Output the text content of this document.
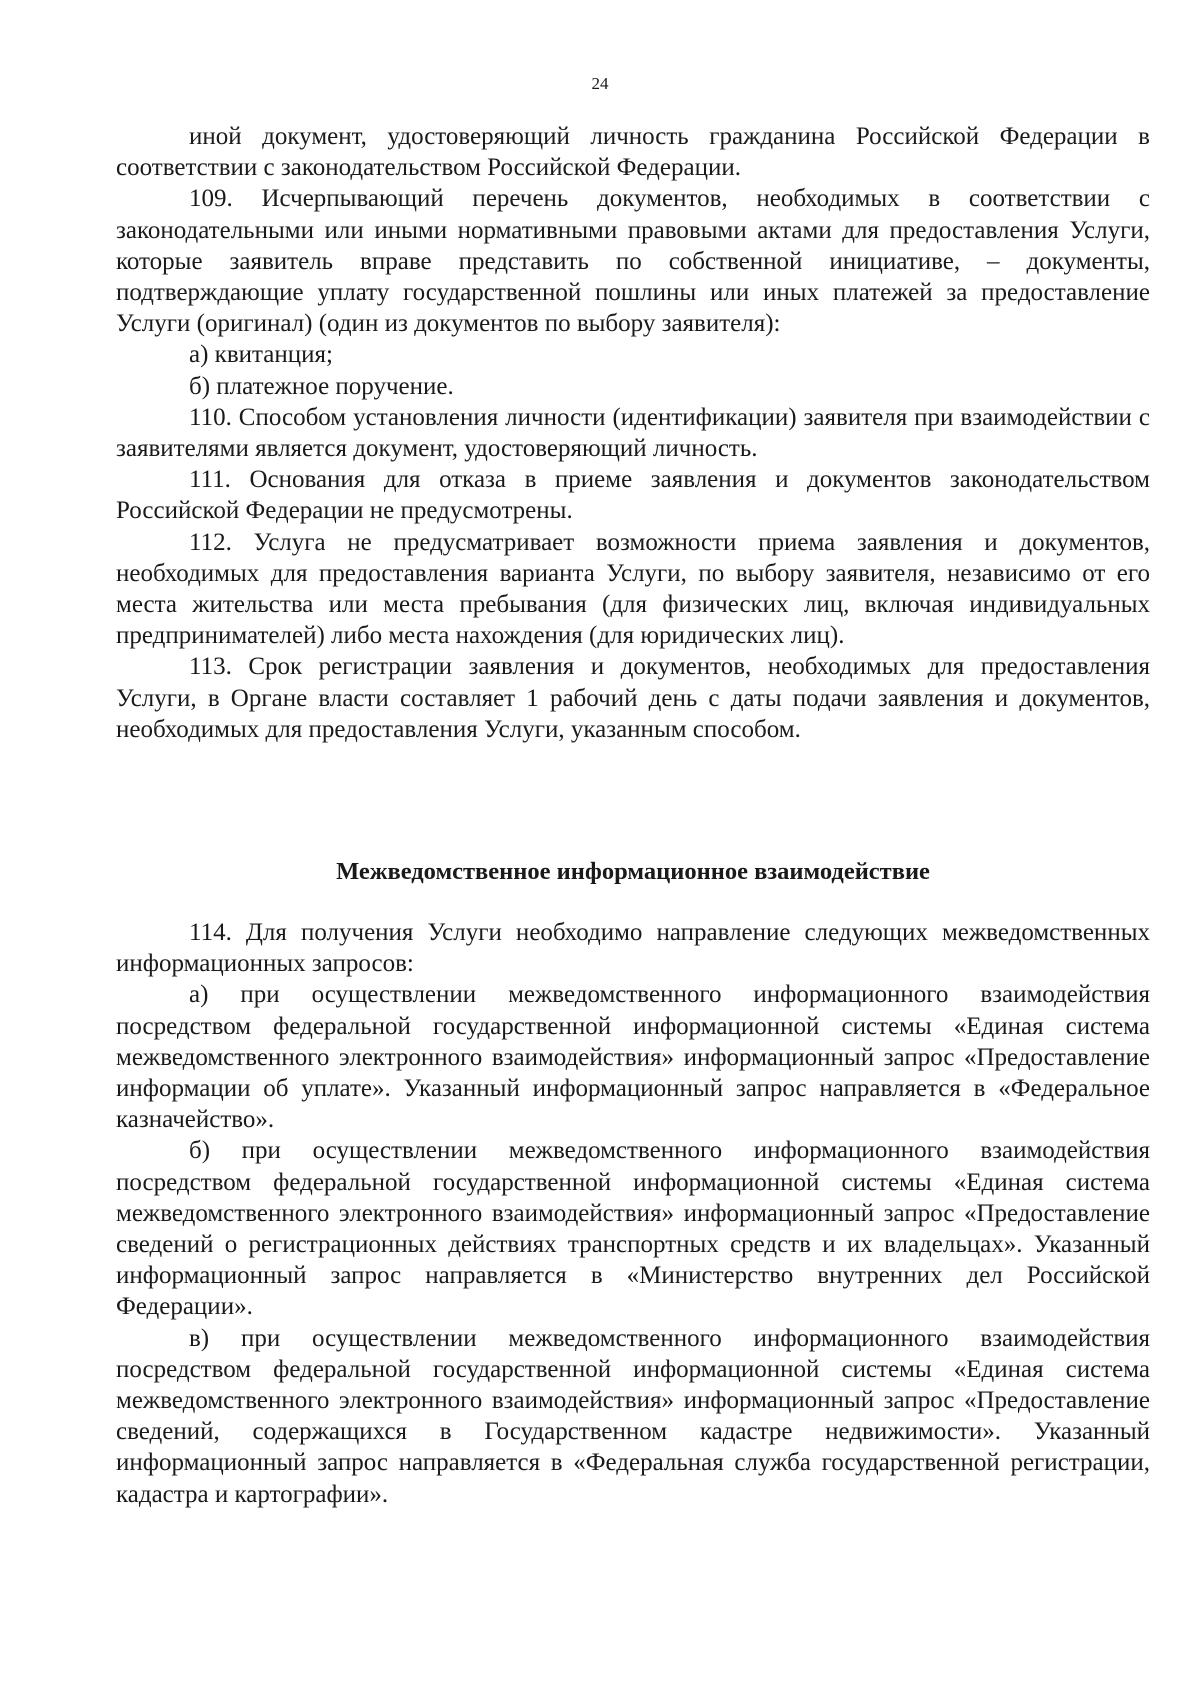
24

иной документ, удостоверяющий личность гражданина Российской Федерации в соответствии с законодательством Российской Федерации.

109. Исчерпывающий перечень документов, необходимых в соответствии с законодательными или иными нормативными правовыми актами для предоставления Услуги, которые заявитель вправе представить по собственной инициативе, – документы, подтверждающие уплату государственной пошлины или иных платежей за предоставление Услуги (оригинал) (один из документов по выбору заявителя):

а) квитанция;

б) платежное поручение.

110. Способом установления личности (идентификации) заявителя при взаимодействии с заявителями является документ, удостоверяющий личность.

111. Основания для отказа в приеме заявления и документов законодательством Российской Федерации не предусмотрены.

112. Услуга не предусматривает возможности приема заявления и документов, необходимых для предоставления варианта Услуги, по выбору заявителя, независимо от его места жительства или места пребывания (для физических лиц, включая индивидуальных предпринимателей) либо места нахождения (для юридических лиц).

113. Срок регистрации заявления и документов, необходимых для предоставления Услуги, в Органе власти составляет 1 рабочий день с даты подачи заявления и документов, необходимых для предоставления Услуги, указанным способом.

Межведомственное информационное взаимодействие

114. Для получения Услуги необходимо направление следующих межведомственных информационных запросов:

а) при осуществлении межведомственного информационного взаимодействия посредством федеральной государственной информационной системы «Единая система межведомственного электронного взаимодействия» информационный запрос «Предоставление информации об уплате». Указанный информационный запрос направляется в «Федеральное казначейство».

б) при осуществлении межведомственного информационного взаимодействия посредством федеральной государственной информационной системы «Единая система межведомственного электронного взаимодействия» информационный запрос «Предоставление сведений о регистрационных действиях транспортных средств и их владельцах». Указанный информационный запрос направляется в «Министерство внутренних дел Российской Федерации».

в) при осуществлении межведомственного информационного взаимодействия посредством федеральной государственной информационной системы «Единая система межведомственного электронного взаимодействия» информационный запрос «Предоставление сведений, содержащихся в Государственном кадастре недвижимости». Указанный информационный запрос направляется в «Федеральная служба государственной регистрации, кадастра и картографии».
